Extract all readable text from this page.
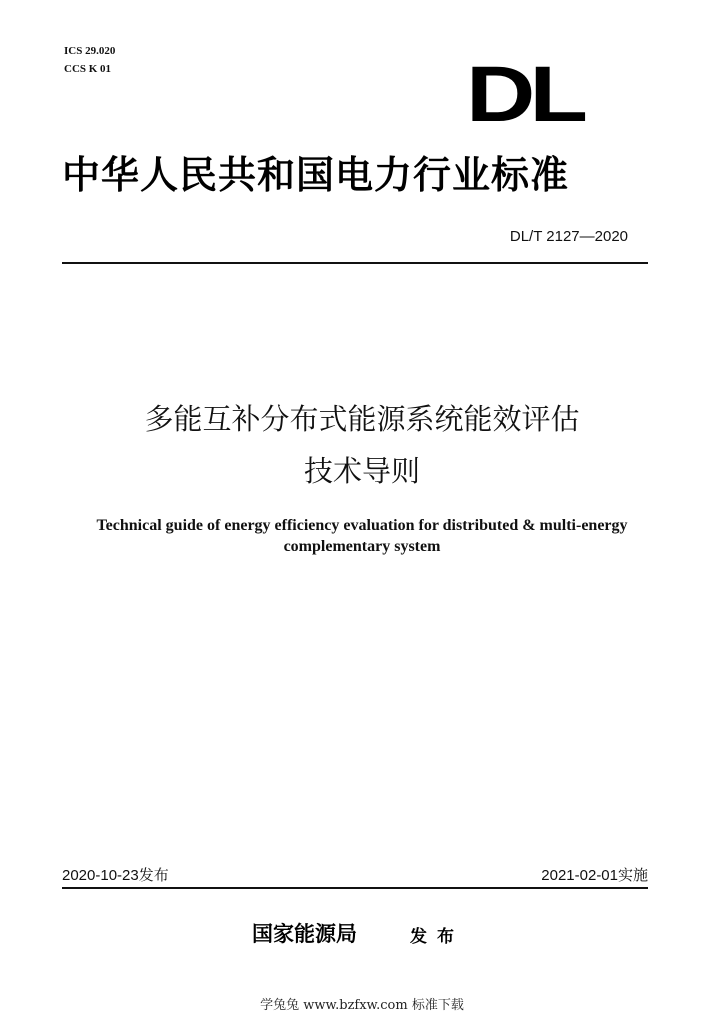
ICS 29.020
CCS K 01	DL
中华人民共和国电力行业标准
DL/T 2127—2020
多能互补分布式能源系统能效评估
技术导则
Technical guide of energy efficiency evaluation for distributed & multi-energy
complementary system
2020-10-23发布	2021-02-01实施
国家能源局	发布
学兔兔 www.bzfxw.com 标准下载
